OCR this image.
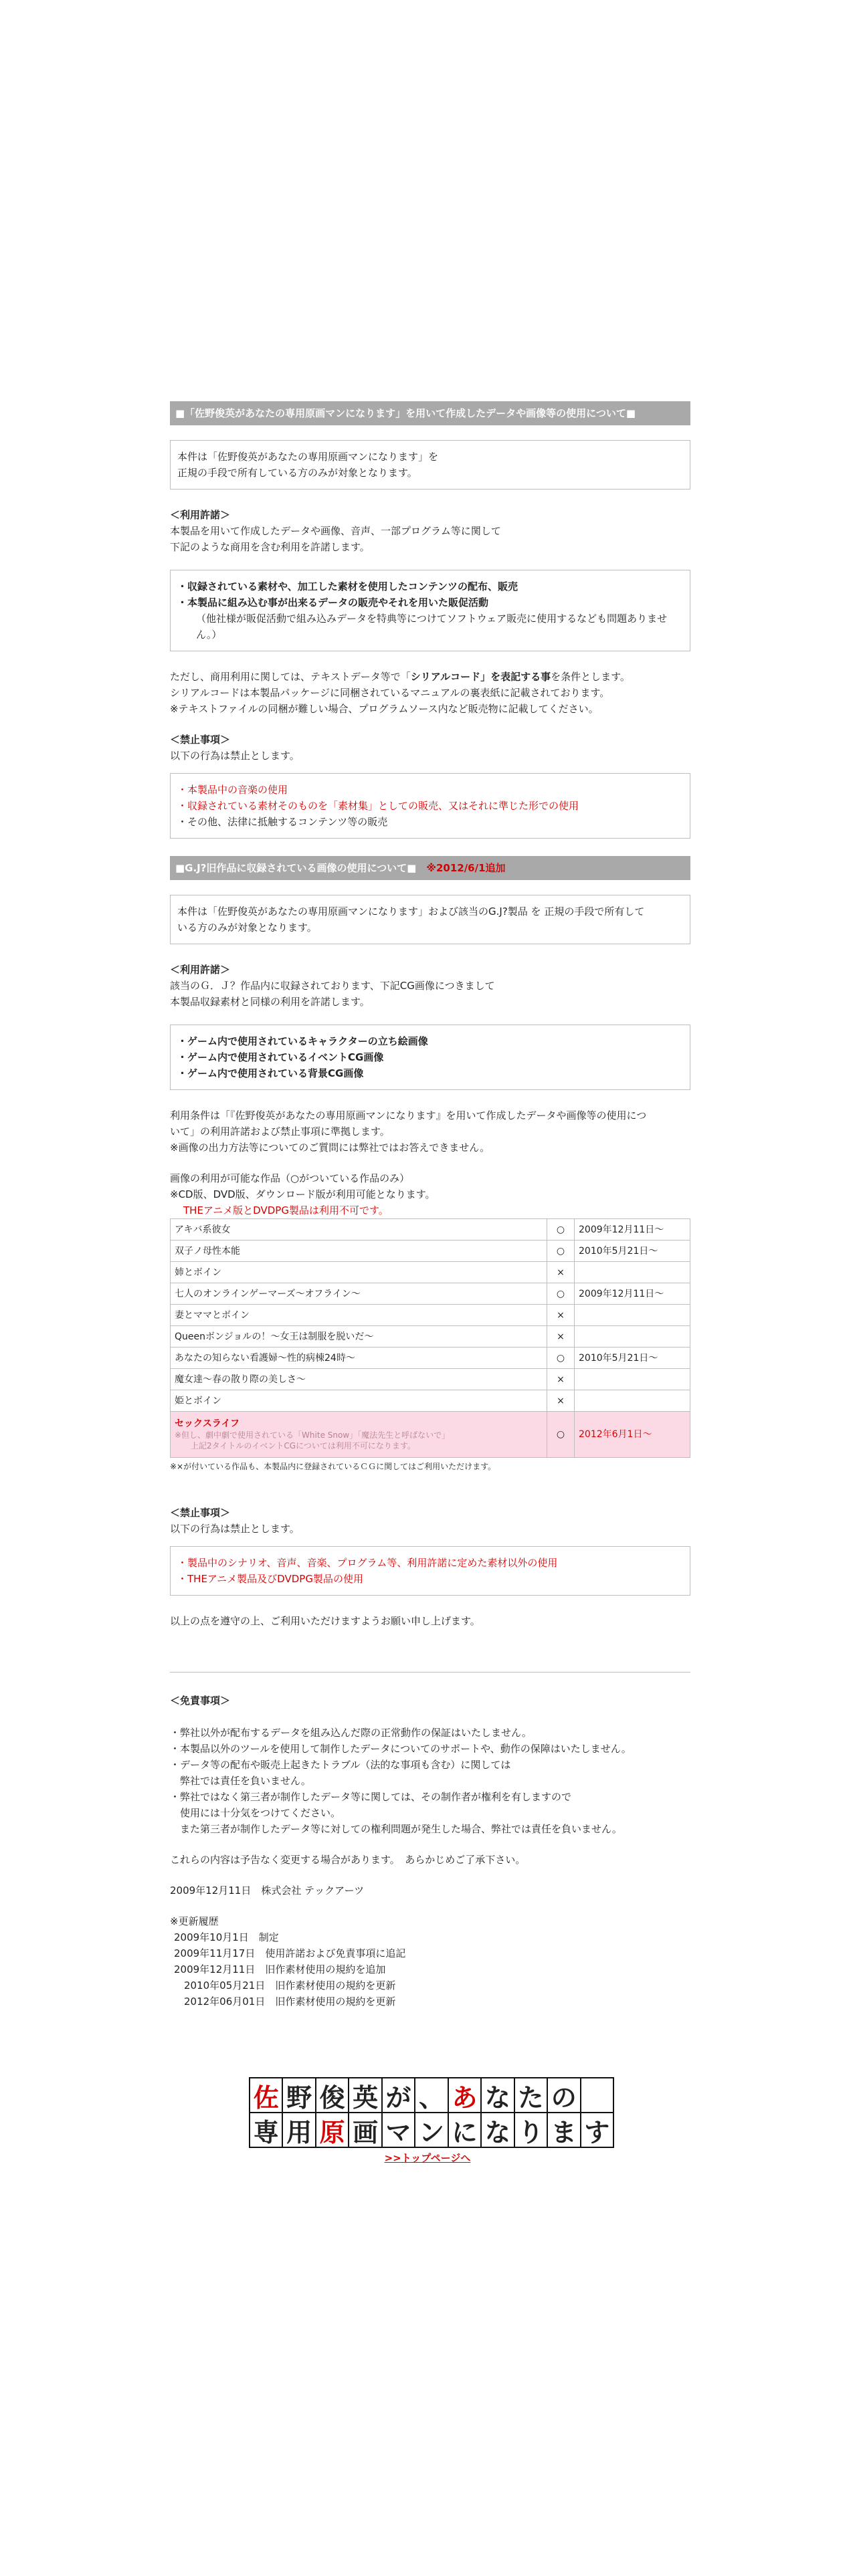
■「佐野俊英があなたの専用原画マンになります」を用いて作成したデータや画像等の使用について■
本件は「佐野俊英があなたの専用原画マンになります」を
正規の手段で所有している方のみが対象となります。
＜利用許諾＞
本製品を用いて作成したデータや画像、音声、一部プログラム等に関して
下記のような商用を含む利用を許諾します。
・収録されている素材や、加工した素材を使用したコンテンツの配布、販売
・本製品に組み込む事が出来るデータの販売やそれを用いた販促活動
（他社様が販促活動で組み込みデータを特典等につけてソフトウェア販売に使用するなども問題ありません。）
ただし、商用利用に関しては、テキストデータ等で「シリアルコード」を表記する事を条件とします。
シリアルコードは本製品パッケージに同梱されているマニュアルの裏表紙に記載されております。
※テキストファイルの同梱が難しい場合、プログラムソース内など販売物に記載してください。
＜禁止事項＞
以下の行為は禁止とします。
・本製品中の音楽の使用
・収録されている素材そのものを「素材集」としての販売、又はそれに準じた形での使用
・その他、法律に抵触するコンテンツ等の販売
■G.J?旧作品に収録されている画像の使用について■　 ※2012/6/1追加
本件は「佐野俊英があなたの専用原画マンになります」および該当のG.J?製品 を 正規の手段で所有して
いる方のみが対象となります。
＜利用許諾＞
該当のＧ．Ｊ？作品内に収録されております、下記CG画像につきまして
本製品収録素材と同様の利用を許諾します。
・ゲーム内で使用されているキャラクターの立ち絵画像
・ゲーム内で使用されているイベントCG画像
・ゲーム内で使用されている背景CG画像
利用条件は「『佐野俊英があなたの専用原画マンになります』を用いて作成したデータや画像等の使用につ
いて」の利用許諾および禁止事項に準拠します。
※画像の出力方法等についてのご質問には弊社ではお答えできません。
画像の利用が可能な作品（○がついている作品のみ）
※CD版、DVD版、ダウンロード版が利用可能となります。
THEアニメ版とDVDPG製品は利用不可です。
アキバ系彼女	○	2009年12月11日～
双子ノ母性本能	○	2010年5月21日～
姉とボイン	×	
七人のオンラインゲーマーズ～オフライン～	○	2009年12月11日～
妻とママとボイン	×	
Queenボンジョルの！～女王は制服を脱いだ～	×	
あなたの知らない看護婦～性的病棟24時～	○	2010年5月21日～
魔女達～春の散り際の美しさ～	×	
姫とボイン	×	

セックスライフ
※但し、劇中劇で使用されている「White Snow」「魔法先生と呼ばないで」
上記2タイトルのイベントCGについては利用不可になります。	○	2012年6月1日～
※×が付いている作品も、本製品内に登録されているＣＧに関してはご利用いただけます。
＜禁止事項＞
以下の行為は禁止とします。
・製品中のシナリオ、音声、音楽、プログラム等、利用許諾に定めた素材以外の使用
・THEアニメ製品及びDVDPG製品の使用
以上の点を遵守の上、ご利用いただけますようお願い申し上げます。
＜免責事項＞
・弊社以外が配布するデータを組み込んだ際の正常動作の保証はいたしません。
・本製品以外のツールを使用して制作したデータについてのサポートや、動作の保障はいたしません。
・データ等の配布や販売上起きたトラブル（法的な事項も含む）に関しては
　弊社では責任を負いません。
・弊社ではなく第三者が制作したデータ等に関しては、その制作者が権利を有しますので
　使用には十分気をつけてください。
　また第三者が制作したデータ等に対しての権利問題が発生した場合、弊社では責任を負いません。
これらの内容は予告なく変更する場合があります。　あらかじめご了承下さい。
2009年12月11日　株式会社 テックアーツ
※更新履歴
2009年10月1日　制定
2009年11月17日　使用許諾および免責事項に追記
2009年12月11日　旧作素材使用の規約を追加
　2010年05月21日　旧作素材使用の規約を更新
　2012年06月01日　旧作素材使用の規約を更新
佐 野 俊 英 が 、 あ な た の
専 用 原 画 マ ン に な り ま す
>>トップページへ
